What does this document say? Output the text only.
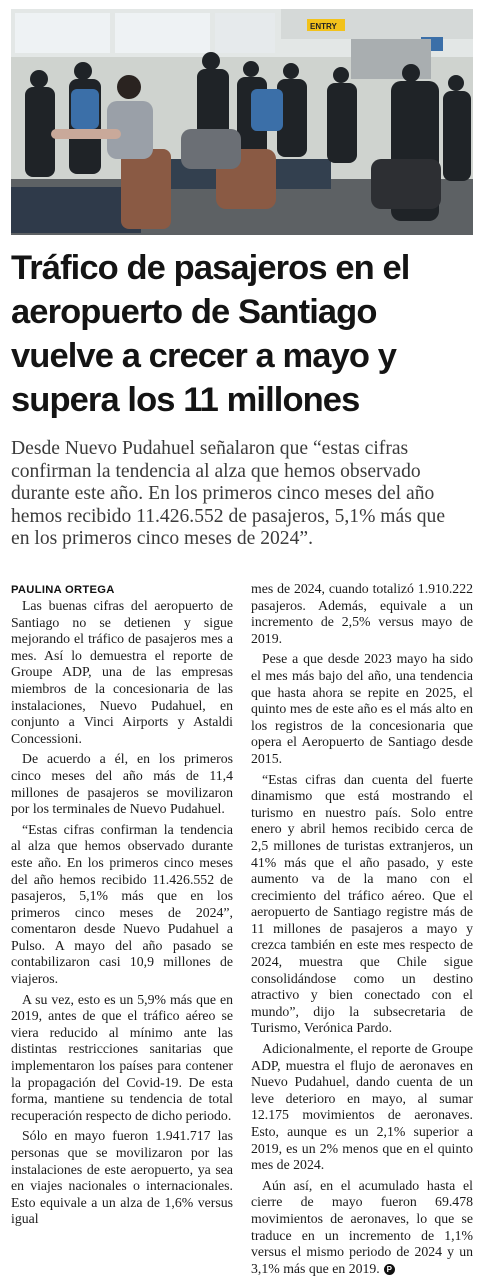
ENTRY
Tráfico de pasajeros en el
aeropuerto de Santiago
vuelve a crecer a mayo y
supera los 11 millones
Desde Nuevo Pudahuel señalaron que “estas cifras
confirman la tendencia al alza que hemos observado
durante este año. En los primeros cinco meses del año
hemos recibido 11.426.552 de pasajeros, 5,1% más que
en los primeros cinco meses de 2024”.
PAULINA ORTEGA

Las buenas cifras del aeropuerto de Santiago no se detienen y sigue mejorando el tráfico de pasajeros mes a mes. Así lo demuestra el reporte de Groupe ADP, una de las empresas miembros de la concesionaria de las instalaciones, Nuevo Pudahuel, en conjunto a Vinci Airports y Astaldi Concessioni.

De acuerdo a él, en los primeros cinco meses del año más de 11,4 millones de pasajeros se movilizaron por los terminales de Nuevo Pudahuel.

“Estas cifras confirman la tendencia al alza que hemos observado durante este año. En los primeros cinco meses del año hemos recibido 11.426.552 de pasajeros, 5,1% más que en los primeros cinco meses de 2024”, comentaron desde Nuevo Pudahuel a Pulso. A mayo del año pasado se contabilizaron casi 10,9 millones de viajeros.

A su vez, esto es un 5,9% más que en 2019, antes de que el tráfico aéreo se viera reducido al mínimo ante las distintas restricciones sanitarias que implementaron los países para contener la propagación del Covid-19. De esta forma, mantiene su tendencia de total recuperación respecto de dicho periodo.

Sólo en mayo fueron 1.941.717 las personas que se movilizaron por las instalaciones de este aeropuerto, ya sea en viajes nacionales o internacionales. Esto equivale a un alza de 1,6% versus igual

mes de 2024, cuando totalizó 1.910.222 pasajeros. Además, equivale a un incremento de 2,5% versus mayo de 2019.

Pese a que desde 2023 mayo ha sido el mes más bajo del año, una tendencia que hasta ahora se repite en 2025, el quinto mes de este año es el más alto en los registros de la concesionaria que opera el Aeropuerto de Santiago desde 2015.

“Estas cifras dan cuenta del fuerte dinamismo que está mostrando el turismo en nuestro país. Solo entre enero y abril hemos recibido cerca de 2,5 millones de turistas extranjeros, un 41% más que el año pasado, y este aumento va de la mano con el crecimiento del tráfico aéreo. Que el aeropuerto de Santiago registre más de 11 millones de pasajeros a mayo y crezca también en este mes respecto de 2024, muestra que Chile sigue consolidándose como un destino atractivo y bien conectado con el mundo”, dijo la subsecretaria de Turismo, Verónica Pardo.

Adicionalmente, el reporte de Groupe ADP, muestra el flujo de aeronaves en Nuevo Pudahuel, dando cuenta de un leve deterioro en mayo, al sumar 12.175 movimientos de aeronaves. Esto, aunque es un 2,1% superior a 2019, es un 2% menos que en el quinto mes de 2024.

Aún así, en el acumulado hasta el cierre de mayo fueron 69.478 movimientos de aeronaves, lo que se traduce en un incremento de 1,1% versus el mismo periodo de 2024 y un 3,1% más que en 2019. P
